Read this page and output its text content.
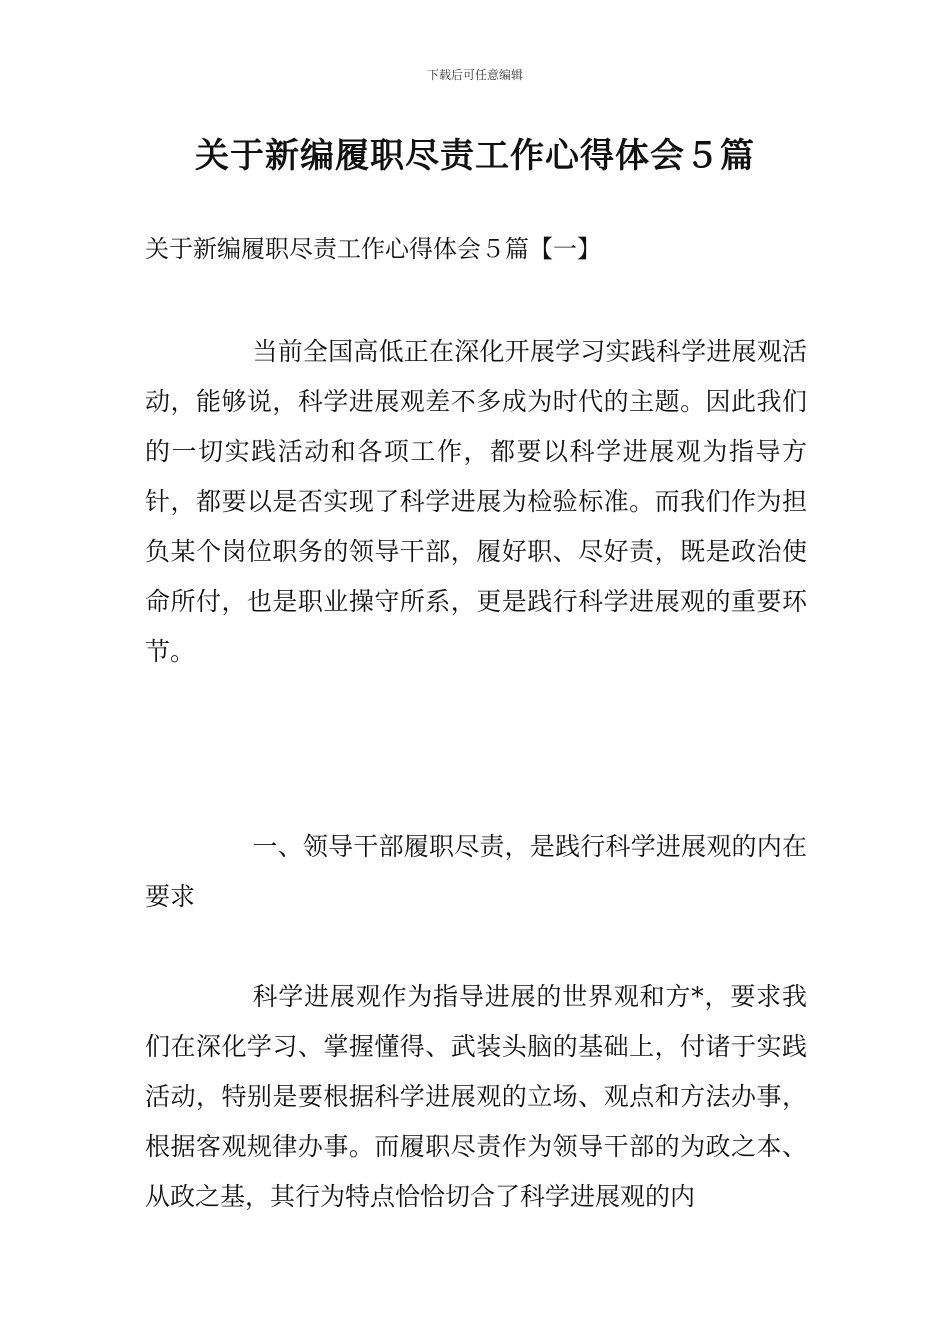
下载后可任意编辑
关于新编履职尽责工作心得体会５篇
关于新编履职尽责工作心得体会５篇【一】

当前全国高低正在深化开展学习实践科学进展观活动，能够说，科学进展观差不多成为时代的主题。因此我们的一切实践活动和各项工作，都要以科学进展观为指导方针，都要以是否实现了科学进展为检验标准。而我们作为担负某个岗位职务的领导干部，履好职、尽好责，既是政治使命所付，也是职业操守所系，更是践行科学进展观的重要环节。

一、领导干部履职尽责，是践行科学进展观的内在要求

科学进展观作为指导进展的世界观和方*，要求我们在深化学习、掌握懂得、武装头脑的基础上，付诸于实践活动，特别是要根据科学进展观的立场、观点和方法办事，根据客观规律办事。而履职尽责作为领导干部的为政之本、从政之基，其行为特点恰恰切合了科学进展观的内
